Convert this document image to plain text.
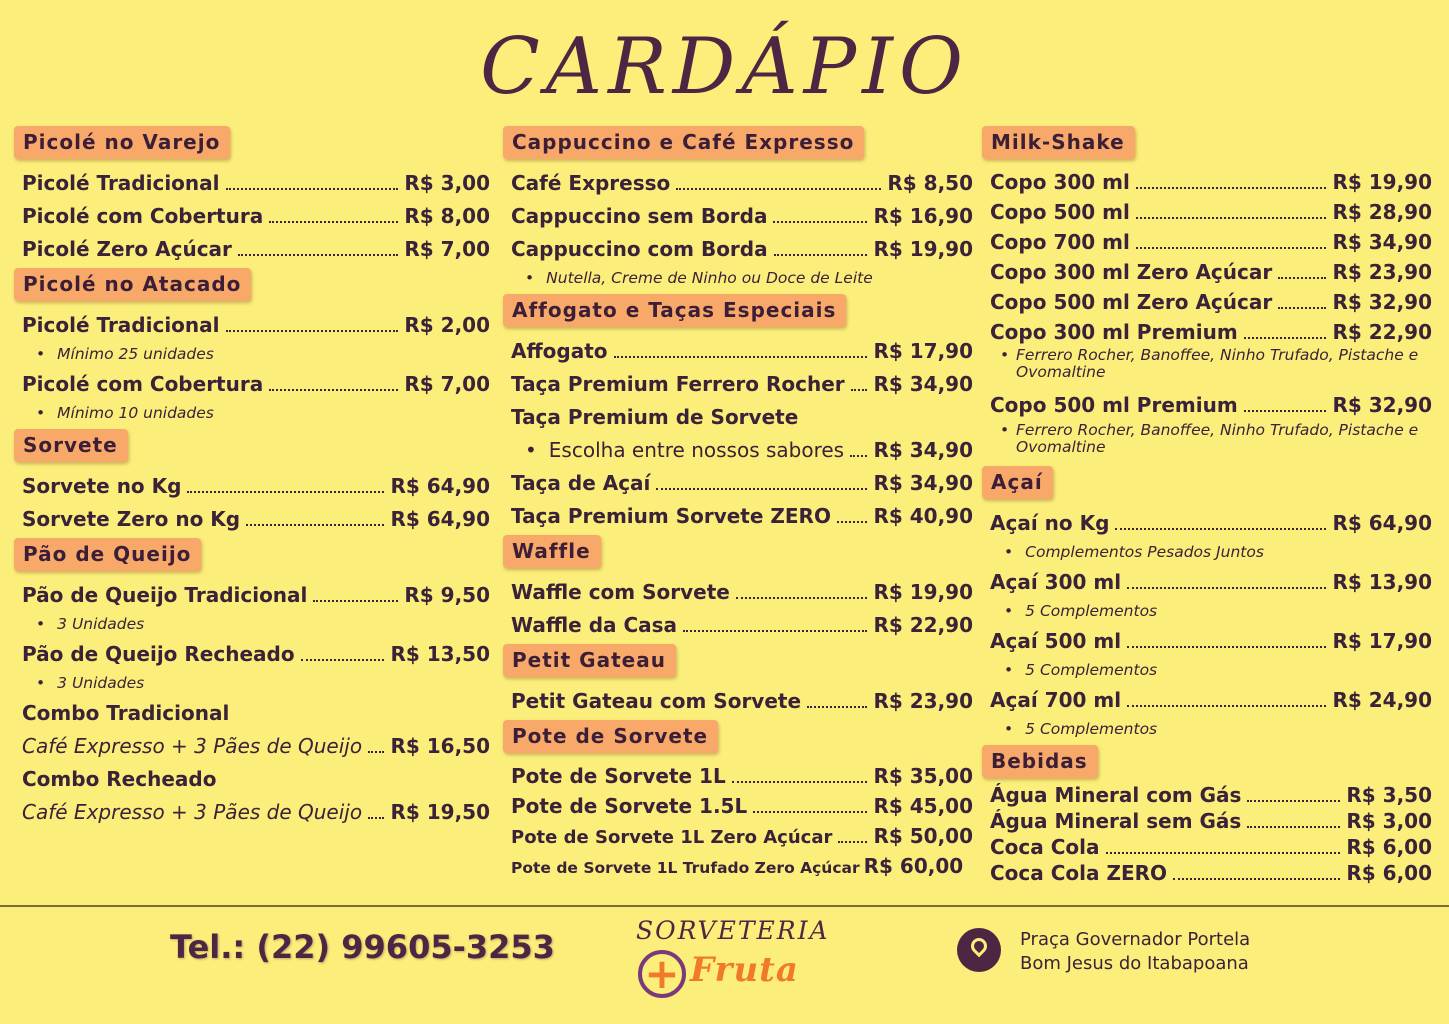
CARDÁPIO
Picolé no Varejo
Picolé Tradicional	R$ 3,00
Picolé com Cobertura	R$ 8,00
Picolé Zero Açúcar	R$ 7,00
Picolé no Atacado
Picolé Tradicional	R$ 2,00
• Mínimo 25 unidades
Picolé com Cobertura	R$ 7,00
• Mínimo 10 unidades
Sorvete
Sorvete no Kg	R$ 64,90
Sorvete Zero no Kg	R$ 64,90
Pão de Queijo
Pão de Queijo Tradicional	R$ 9,50
• 3 Unidades
Pão de Queijo Recheado	R$ 13,50
• 3 Unidades
Combo Tradicional
Café Expresso + 3 Pães de Queijo R$ 16,50
Combo Recheado
Café Expresso + 3 Pães de Queijo R$ 19,50
Cappuccino e Café Expresso
Café Expresso	R$ 8,50
Cappuccino sem Borda	R$ 16,90
Cappuccino com Borda	R$ 19,90
• Nutella, Creme de Ninho ou Doce de Leite
Affogato e Taças Especiais
Affogato	R$ 17,90
Taça Premium Ferrero Rocher R$ 34,90
Taça Premium de Sorvete
• Escolha entre nossos sabores R$ 34,90
Taça de Açaí	R$ 34,90
Taça Premium Sorvete ZERO R$ 40,90
Waffle
Waffle com Sorvete	R$ 19,90
Waffle da Casa	R$ 22,90
Petit Gateau
Petit Gateau com Sorvete	R$ 23,90
Pote de Sorvete
Pote de Sorvete 1L	R$ 35,00
Pote de Sorvete 1.5L	R$ 45,00
Pote de Sorvete 1L Zero Açúcar R$ 50,00
Pote de Sorvete 1L Trufado Zero Açúcar R$ 60,00
Milk-Shake
Copo 300 ml	R$ 19,90
Copo 500 ml	R$ 28,90
Copo 700 ml	R$ 34,90
Copo 300 ml Zero Açúcar	R$ 23,90
Copo 500 ml Zero Açúcar	R$ 32,90
Copo 300 ml Premium	R$ 22,90
• Ferrero Rocher, Banoffee, Ninho Trufado, Pistache e Ovomaltine
Copo 500 ml Premium	R$ 32,90
• Ferrero Rocher, Banoffee, Ninho Trufado, Pistache e Ovomaltine
Açaí
Açaí no Kg	R$ 64,90
• Complementos Pesados Juntos
Açaí 300 ml	R$ 13,90
• 5 Complementos
Açaí 500 ml	R$ 17,90
• 5 Complementos
Açaí 700 ml	R$ 24,90
• 5 Complementos
Bebidas
Água Mineral com Gás	R$ 3,50
Água Mineral sem Gás	R$ 3,00
Coca Cola	R$ 6,00
Coca Cola ZERO	R$ 6,00
Tel.: (22) 99605-3253	SORVETERIA
+ Fruta
Praça Governador Portela
Bom Jesus do Itabapoana
